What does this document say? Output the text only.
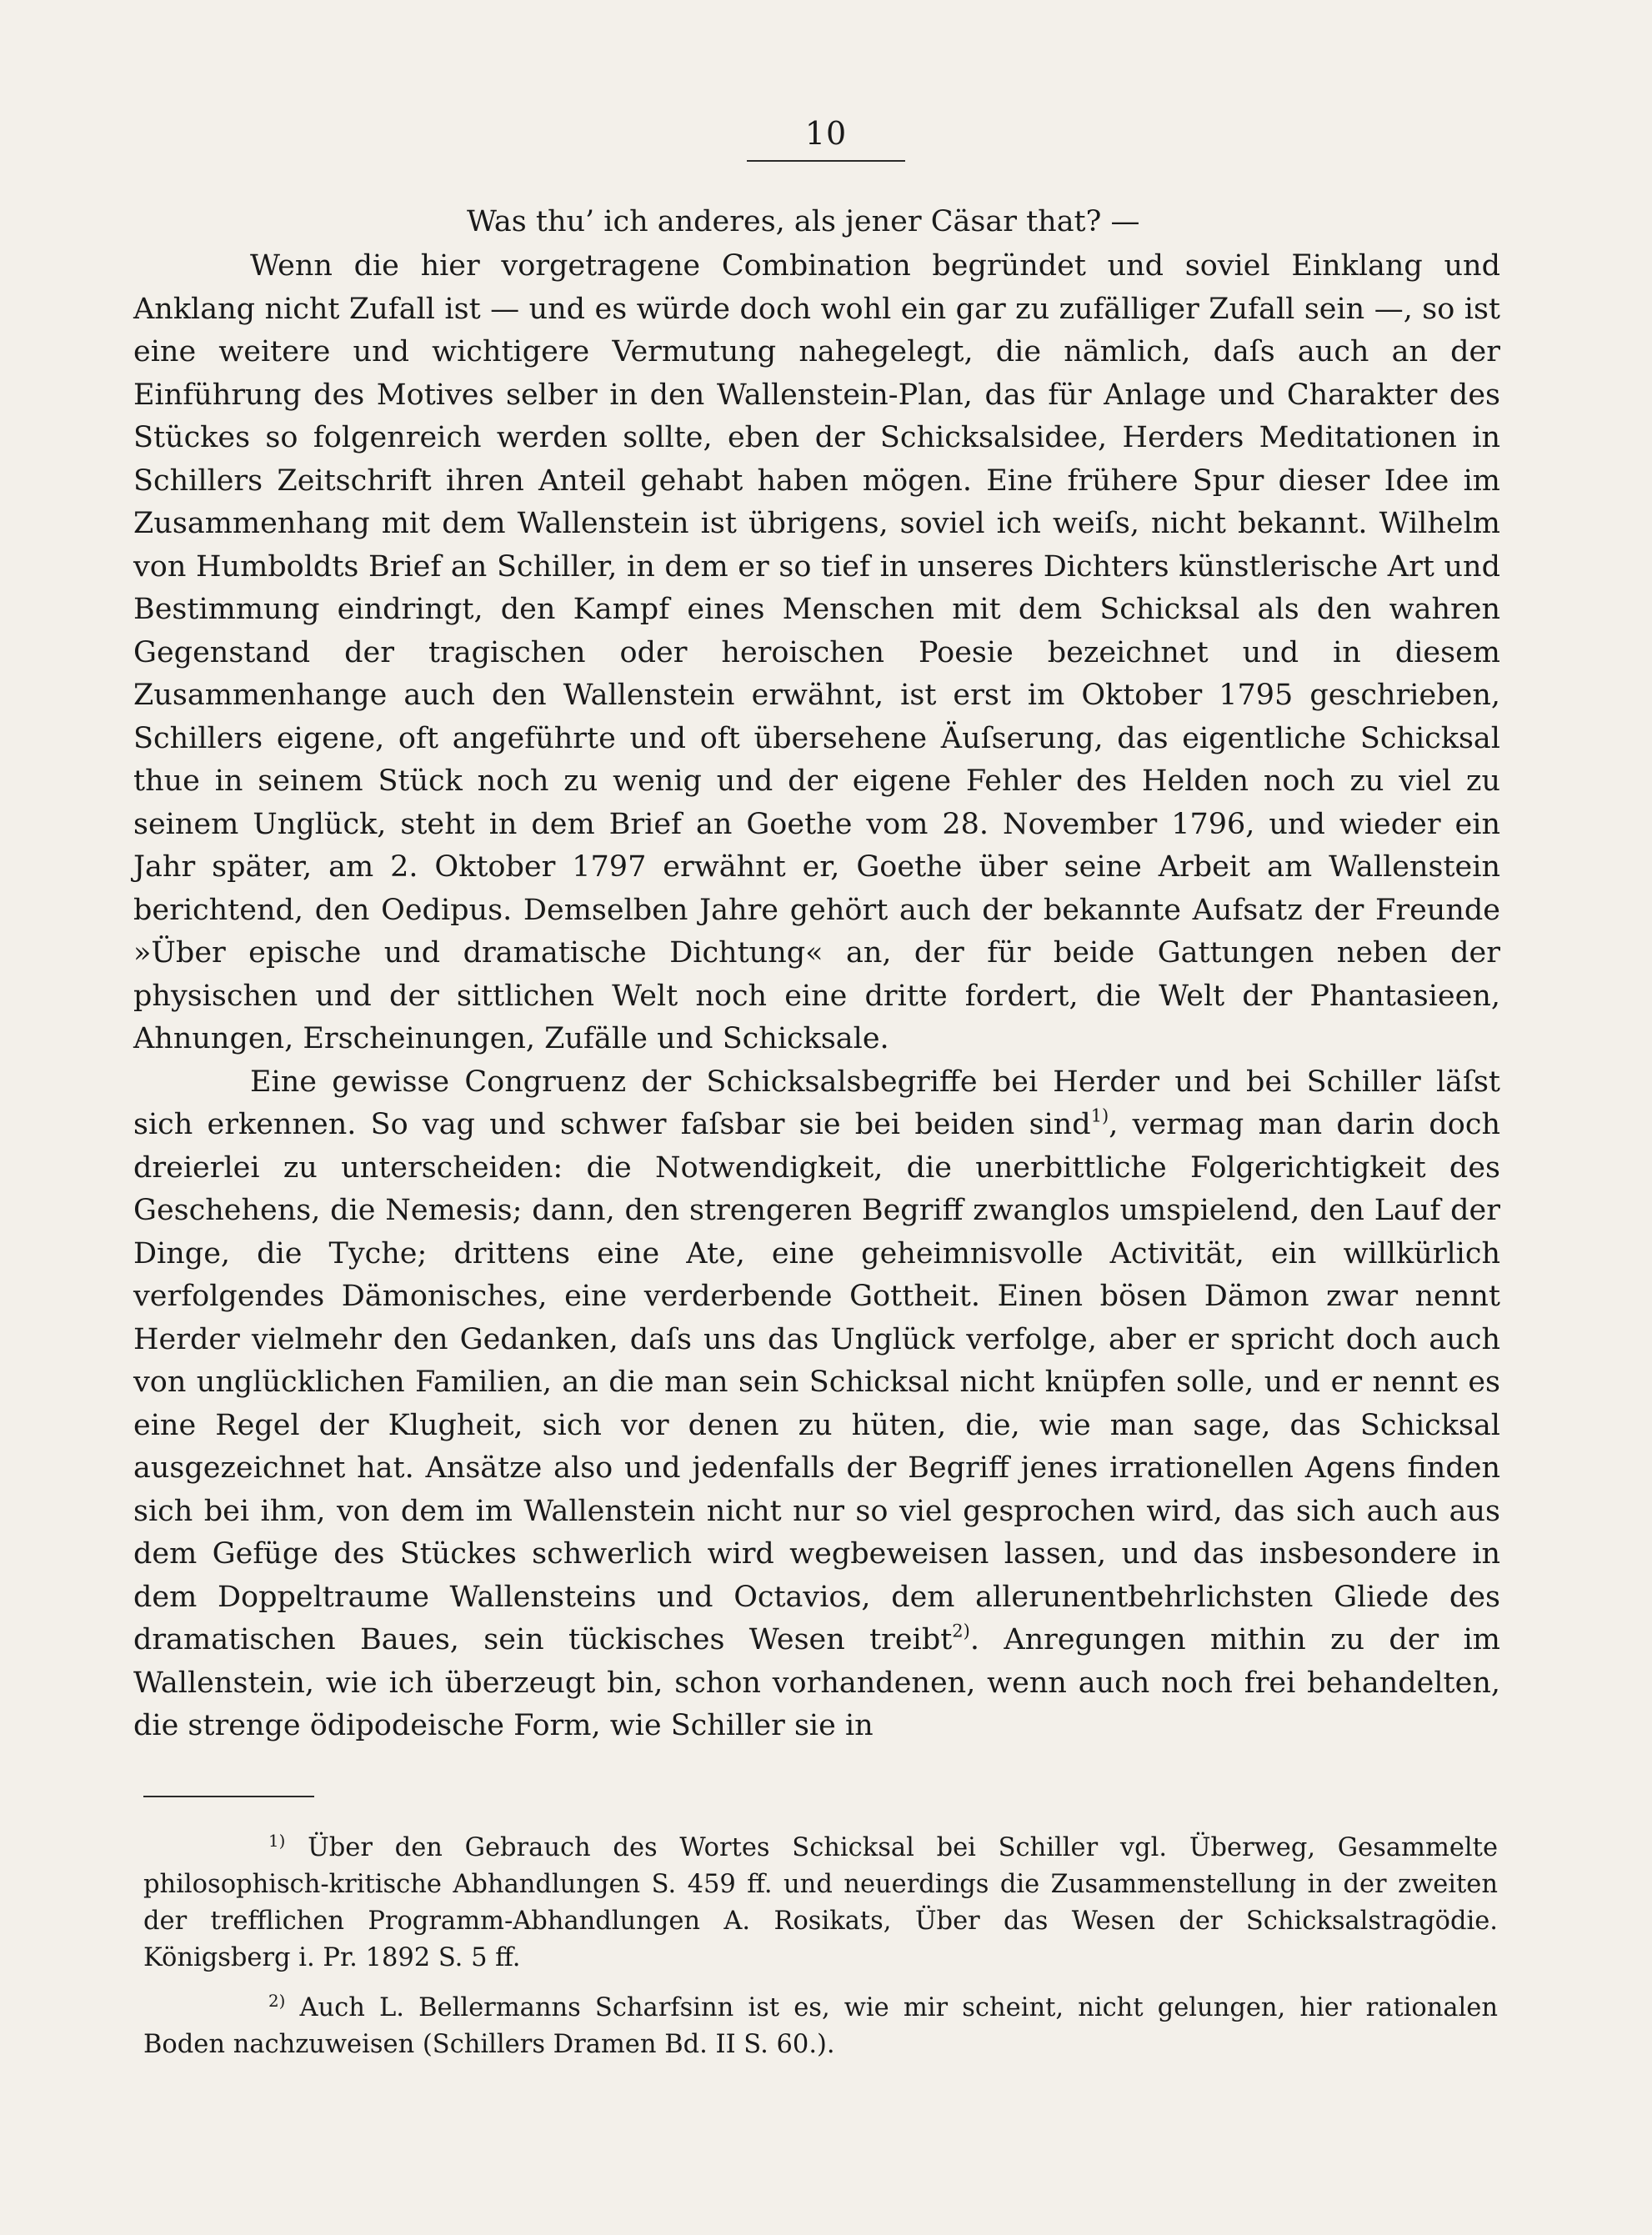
10
Was thu’ ich anderes, als jener Cäsar that? —

Wenn die hier vorgetragene Combination begründet und soviel Einklang und Anklang nicht Zufall ist — und es würde doch wohl ein gar zu zufälliger Zufall sein —, so ist eine weitere und wichtigere Vermutung nahegelegt, die nämlich, daſs auch an der Einführung des Motives selber in den Wallenstein-Plan, das für Anlage und Charakter des Stückes so folgenreich werden sollte, eben der Schicksalsidee, Herders Meditationen in Schillers Zeitschrift ihren Anteil gehabt haben mögen. Eine frühere Spur dieser Idee im Zusammenhang mit dem Wallenstein ist übrigens, soviel ich weiſs, nicht bekannt. Wilhelm von Humboldts Brief an Schiller, in dem er so tief in unseres Dichters künstlerische Art und Bestimmung eindringt, den Kampf eines Menschen mit dem Schicksal als den wahren Gegenstand der tragischen oder heroischen Poesie bezeichnet und in diesem Zusammenhange auch den Wallenstein erwähnt, ist erst im Oktober 1795 geschrieben, Schillers eigene, oft angeführte und oft übersehene Äuſserung, das eigentliche Schicksal thue in seinem Stück noch zu wenig und der eigene Fehler des Helden noch zu viel zu seinem Unglück, steht in dem Brief an Goethe vom 28. November 1796, und wieder ein Jahr später, am 2. Oktober 1797 erwähnt er, Goethe über seine Arbeit am Wallenstein berichtend, den Oedipus. Demselben Jahre gehört auch der bekannte Aufsatz der Freunde »Über epische und dramatische Dichtung« an, der für beide Gattungen neben der physischen und der sittlichen Welt noch eine dritte fordert, die Welt der Phantasieen, Ahnungen, Erscheinungen, Zufälle und Schicksale.

Eine gewisse Congruenz der Schicksalsbegriffe bei Herder und bei Schiller läſst sich erkennen. So vag und schwer faſsbar sie bei beiden sind$^{1)}$, vermag man darin doch dreierlei zu unterscheiden: die Notwendigkeit, die unerbittliche Folgerichtigkeit des Geschehens, die Nemesis; dann, den strengeren Begriff zwanglos umspielend, den Lauf der Dinge, die Tyche; drittens eine Ate, eine geheimnisvolle Activität, ein willkürlich verfolgendes Dämonisches, eine verderbende Gottheit. Einen bösen Dämon zwar nennt Herder vielmehr den Gedanken, daſs uns das Unglück verfolge, aber er spricht doch auch von unglücklichen Familien, an die man sein Schicksal nicht knüpfen solle, und er nennt es eine Regel der Klugheit, sich vor denen zu hüten, die, wie man sage, das Schicksal ausgezeichnet hat. Ansätze also und jedenfalls der Begriff jenes irrationellen Agens finden sich bei ihm, von dem im Wallenstein nicht nur so viel gesprochen wird, das sich auch aus dem Gefüge des Stückes schwerlich wird wegbeweisen lassen, und das insbesondere in dem Doppeltraume Wallensteins und Octavios, dem allerunentbehrlichsten Gliede des dramatischen Baues, sein tückisches Wesen treibt$^{2)}$. Anregungen mithin zu der im Wallenstein, wie ich überzeugt bin, schon vorhandenen, wenn auch noch frei behandelten, die strenge ödipodeische Form, wie Schiller sie in

$^{1)}$ Über den Gebrauch des Wortes Schicksal bei Schiller vgl. Überweg, Gesammelte philosophisch-kritische Abhandlungen S. 459 ff. und neuerdings die Zusammenstellung in der zweiten der trefflichen Programm-Abhandlungen A. Rosikats, Über das Wesen der Schicksalstragödie. Königsberg i. Pr. 1892 S. 5 ff.

$^{2)}$ Auch L. Bellermanns Scharfsinn ist es, wie mir scheint, nicht gelungen, hier rationalen Boden nachzuweisen (Schillers Dramen Bd. II S. 60.).
